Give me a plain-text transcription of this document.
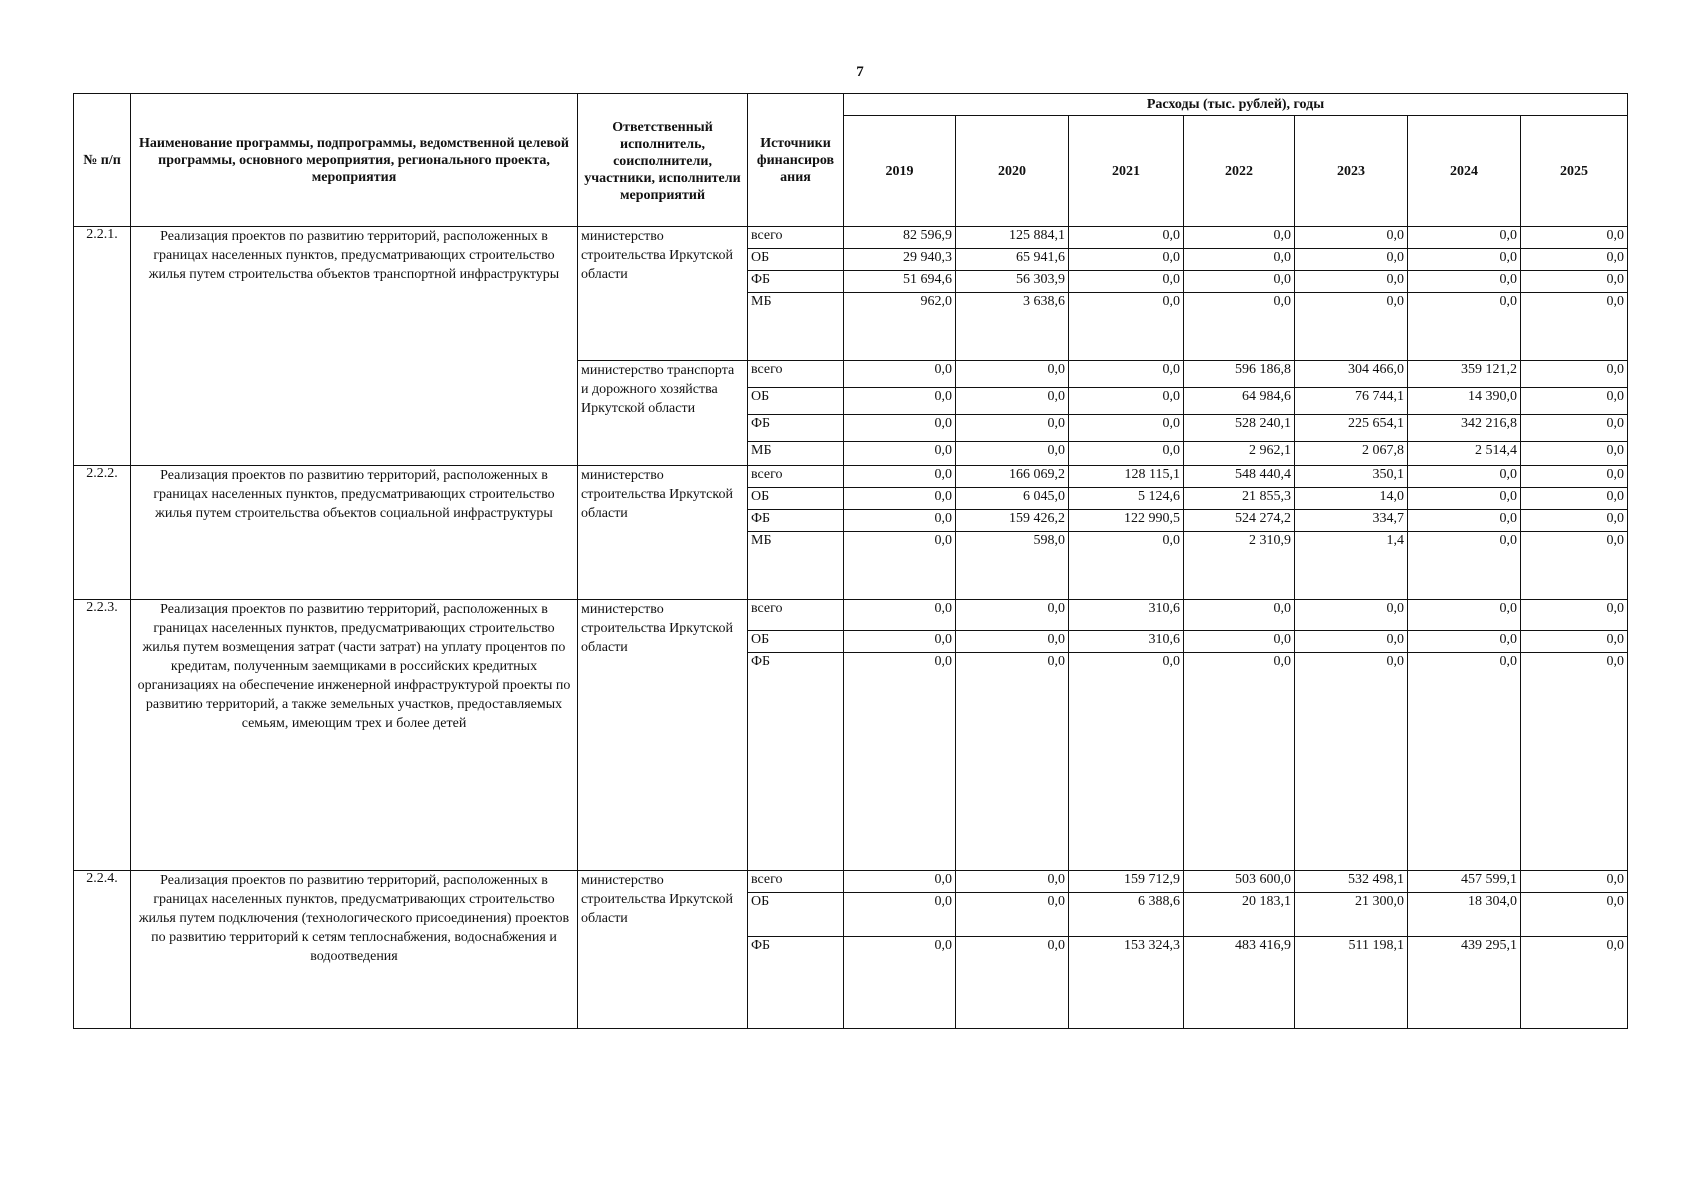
7
№ п/п	Наименование программы, подпрограммы, ведомственной целевой программы, основного мероприятия, регионального проекта, мероприятия	Ответственный исполнитель, соисполнители, участники, исполнители мероприятий	Источники финансиров ания	Расходы (тыс. рублей), годы						
				2019	2020	2021	2022	2023	2024	2025
2.2.1.	Реализация проектов по развитию территорий, расположенных в границах населенных пунктов, предусматривающих строительство жилья путем строительства объектов транспортной инфраструктуры	министерство строительства Иркутской области	всего	82 596,9	125 884,1	0,0	0,0	0,0	0,0	0,0
			ОБ	29 940,3	65 941,6	0,0	0,0	0,0	0,0	0,0
			ФБ	51 694,6	56 303,9	0,0	0,0	0,0	0,0	0,0
			МБ	962,0	3 638,6	0,0	0,0	0,0	0,0	0,0
		министерство транспорта и дорожного хозяйства Иркутской области	всего	0,0	0,0	0,0	596 186,8	304 466,0	359 121,2	0,0
			ОБ	0,0	0,0	0,0	64 984,6	76 744,1	14 390,0	0,0
			ФБ	0,0	0,0	0,0	528 240,1	225 654,1	342 216,8	0,0
			МБ	0,0	0,0	0,0	2 962,1	2 067,8	2 514,4	0,0
2.2.2.	Реализация проектов по развитию территорий, расположенных в границах населенных пунктов, предусматривающих строительство жилья путем строительства объектов социальной инфраструктуры	министерство строительства Иркутской области	всего	0,0	166 069,2	128 115,1	548 440,4	350,1	0,0	0,0
			ОБ	0,0	6 045,0	5 124,6	21 855,3	14,0	0,0	0,0
			ФБ	0,0	159 426,2	122 990,5	524 274,2	334,7	0,0	0,0
			МБ	0,0	598,0	0,0	2 310,9	1,4	0,0	0,0
2.2.3.	Реализация проектов по развитию территорий, расположенных в границах населенных пунктов, предусматривающих строительство жилья путем возмещения затрат (части затрат) на уплату процентов по кредитам, полученным заемщиками в российских кредитных организациях на обеспечение инженерной инфраструктурой проекты по развитию территорий, а также земельных участков, предоставляемых семьям, имеющим трех и более детей	министерство строительства Иркутской области	всего	0,0	0,0	310,6	0,0	0,0	0,0	0,0
			ОБ	0,0	0,0	310,6	0,0	0,0	0,0	0,0
			ФБ	0,0	0,0	0,0	0,0	0,0	0,0	0,0
2.2.4.	Реализация проектов по развитию территорий, расположенных в границах населенных пунктов, предусматривающих строительство жилья путем подключения (технологического присоединения) проектов по развитию территорий к сетям теплоснабжения, водоснабжения и водоотведения	министерство строительства Иркутской области	всего	0,0	0,0	159 712,9	503 600,0	532 498,1	457 599,1	0,0
			ОБ	0,0	0,0	6 388,6	20 183,1	21 300,0	18 304,0	0,0
			ФБ	0,0	0,0	153 324,3	483 416,9	511 198,1	439 295,1	0,0
